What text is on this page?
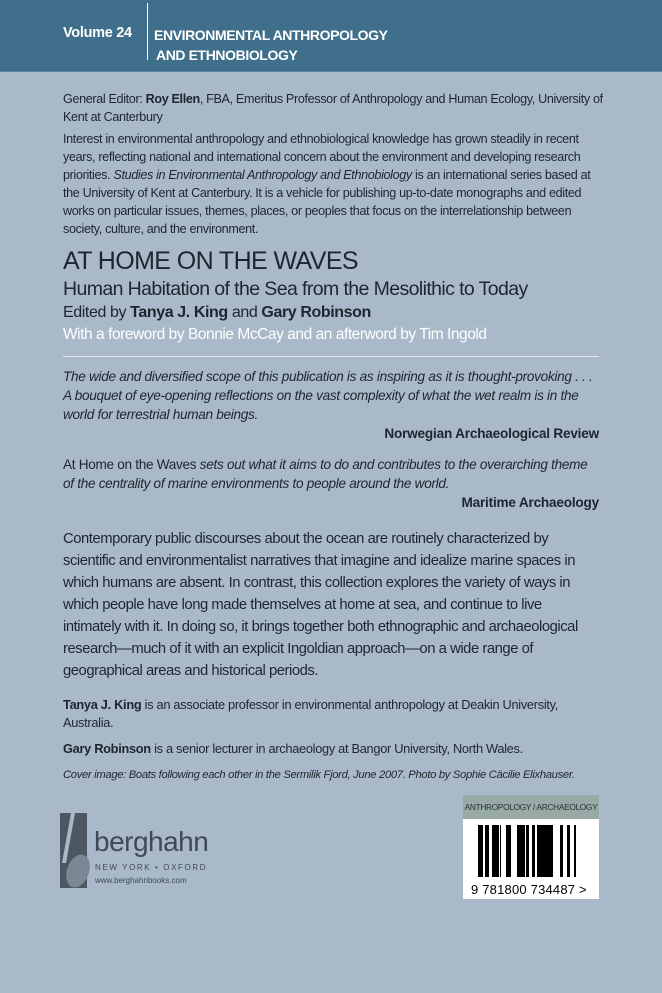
Volume 24 ENVIRONMENTAL ANTHROPOLOGY
AND ETHNOBIOLOGY
General Editor: Roy Ellen, FBA, Emeritus Professor of Anthropology and Human Ecology, University of Kent at Canterbury
Interest in environmental anthropology and ethnobiological knowledge has grown steadily in recent years, reflecting national and international concern about the environment and developing research priorities. Studies in Environmental Anthropology and Ethnobiology is an international series based at the University of Kent at Canterbury. It is a vehicle for publishing up-to-date monographs and edited works on particular issues, themes, places, or peoples that focus on the interrelationship between society, culture, and the environment.
AT HOME ON THE WAVES
Human Habitation of the Sea from the Mesolithic to Today
Edited by Tanya J. King and Gary Robinson
With a foreword by Bonnie McCay and an afterword by Tim Ingold
The wide and diversified scope of this publication is as inspiring as it is thought-provoking . . . A bouquet of eye-opening reflections on the vast complexity of what the wet realm is in the world for terrestrial human beings.
Norwegian Archaeological Review
At Home on the Waves sets out what it aims to do and contributes to the overarching theme of the centrality of marine environments to people around the world.
Maritime Archaeology
Contemporary public discourses about the ocean are routinely characterized by scientific and environmentalist narratives that imagine and idealize marine spaces in which humans are absent. In contrast, this collection explores the variety of ways in which people have long made themselves at home at sea, and continue to live intimately with it. In doing so, it brings together both ethnographic and archaeological research—much of it with an explicit Ingoldian approach—on a wide range of geographical areas and historical periods.
Tanya J. King is an associate professor in environmental anthropology at Deakin University, Australia.
Gary Robinson is a senior lecturer in archaeology at Bangor University, North Wales.
Cover image: Boats following each other in the Sermilik Fjord, June 2007. Photo by Sophie Cäcilie Elixhauser.
berghahn
NEW YORK • OXFORD
www.berghahnbooks.com
ANTHROPOLOGY / ARCHAEOLOGY
9 781800 734487 >
